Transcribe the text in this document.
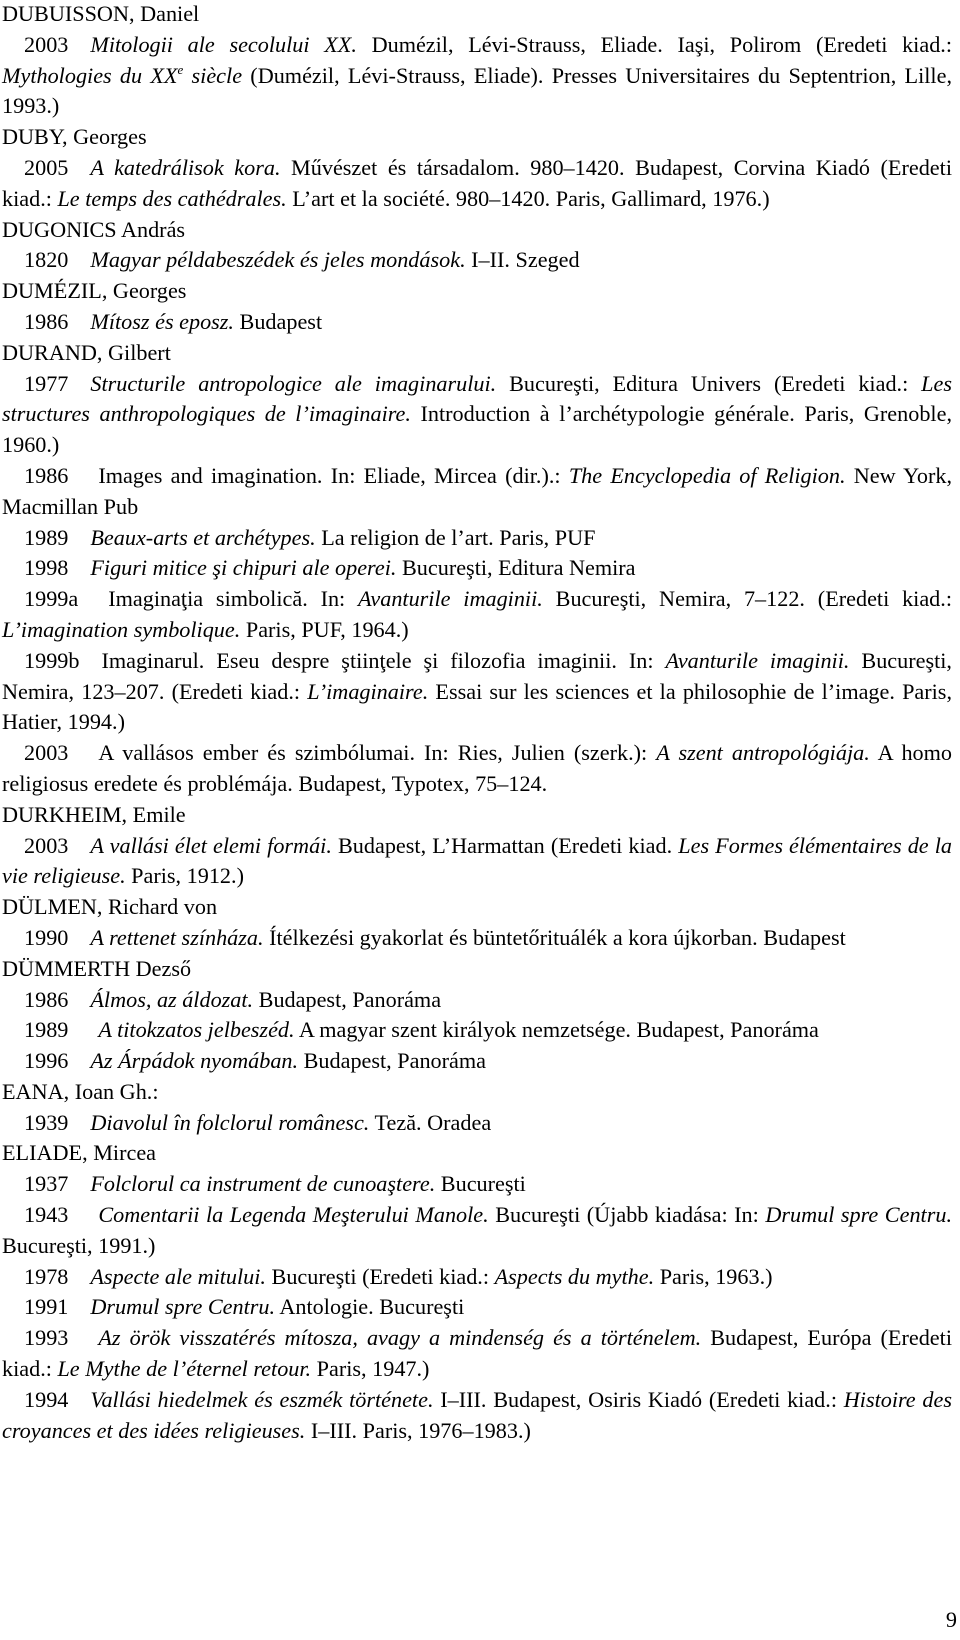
DUBUISSON, Daniel
2003 Mitologii ale secolului XX. Dumézil, Lévi-Strauss, Eliade. Iaşi, Polirom (Eredeti kiad.: Mythologies du XXe siècle (Dumézil, Lévi-Strauss, Eliade). Presses Universitaires du Septentrion, Lille, 1993.)
DUBY, Georges
2005 A katedrálisok kora. Művészet és társadalom. 980–1420. Budapest, Corvina Kiadó (Eredeti kiad.: Le temps des cathédrales. L’art et la société. 980–1420. Paris, Gallimard, 1976.)
DUGONICS András
1820 Magyar példabeszédek és jeles mondások. I–II. Szeged
DUMÉZIL, Georges
1986 Mítosz és eposz. Budapest
DURAND, Gilbert
1977 Structurile antropologice ale imaginarului. Bucureşti, Editura Univers (Eredeti kiad.: Les structures anthropologiques de l’imaginaire. Introduction à l’archétypologie générale. Paris, Grenoble, 1960.)
1986 Images and imagination. In: Eliade, Mircea (dir.).: The Encyclopedia of Religion. New York, Macmillan Pub
1989 Beaux-arts et archétypes. La religion de l’art. Paris, PUF
1998 Figuri mitice şi chipuri ale operei. Bucureşti, Editura Nemira
1999a Imaginaţia simbolică. In: Avanturile imaginii. Bucureşti, Nemira, 7–122. (Eredeti kiad.: L’imagination symbolique. Paris, PUF, 1964.)
1999b Imaginarul. Eseu despre ştiinţele şi filozofia imaginii. In: Avanturile imaginii. Bucureşti, Nemira, 123–207. (Eredeti kiad.: L’imaginaire. Essai sur les sciences et la philosophie de l’image. Paris, Hatier, 1994.)
2003 A vallásos ember és szimbólumai. In: Ries, Julien (szerk.): A szent antropológiája. A homo religiosus eredete és problémája. Budapest, Typotex, 75–124.
DURKHEIM, Emile
2003 A vallási élet elemi formái. Budapest, L’Harmattan (Eredeti kiad. Les Formes élémentaires de la vie religieuse. Paris, 1912.)
DÜLMEN, Richard von
1990 A rettenet színháza. Ítélkezési gyakorlat és büntetőrituálék a kora újkorban. Budapest
DÜMMERTH Dezső
1986 Álmos, az áldozat. Budapest, Panoráma
1989 A titokzatos jelbeszéd. A magyar szent királyok nemzetsége. Budapest, Panoráma
1996 Az Árpádok nyomában. Budapest, Panoráma
EANA, Ioan Gh.:
1939 Diavolul în folclorul românesc. Teză. Oradea
ELIADE, Mircea
1937 Folclorul ca instrument de cunoaştere. Bucureşti
1943 Comentarii la Legenda Meşterului Manole. Bucureşti (Újabb kiadása: In: Drumul spre Centru. Bucureşti, 1991.)
1978 Aspecte ale mitului. Bucureşti (Eredeti kiad.: Aspects du mythe. Paris, 1963.)
1991 Drumul spre Centru. Antologie. Bucureşti
1993 Az örök visszatérés mítosza, avagy a mindenség és a történelem. Budapest, Európa (Eredeti kiad.: Le Mythe de l’éternel retour. Paris, 1947.)
1994 Vallási hiedelmek és eszmék története. I–III. Budapest, Osiris Kiadó (Eredeti kiad.: Histoire des croyances et des idées religieuses. I–III. Paris, 1976–1983.)
9
